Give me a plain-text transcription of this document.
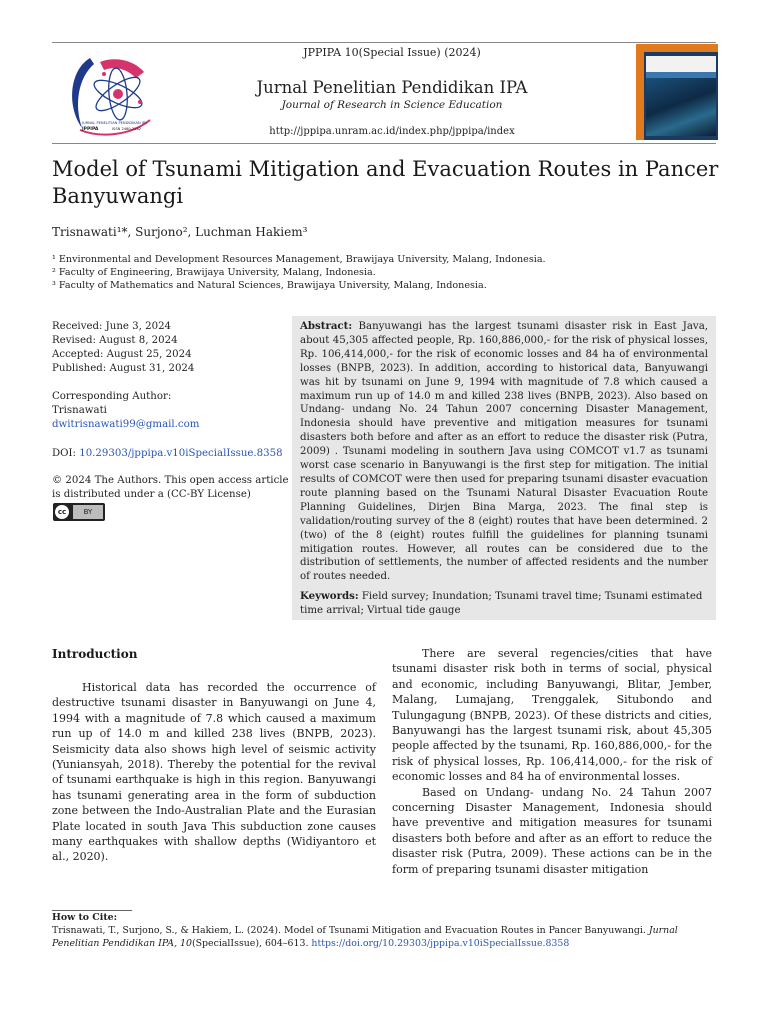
JURNAL PENELITIAN PENDIDIKAN IPA
JPPIPA	ISSN 2460-2582
JPPIPA 10(Special Issue) (2024)
Jurnal Penelitian Pendidikan IPA
Journal of Research in Science Education
http://jppipa.unram.ac.id/index.php/jppipa/index
Model of Tsunami Mitigation and Evacuation Routes in Pancer Banyuwangi
Trisnawati¹*, Surjono², Luchman Hakiem³
¹ Environmental and Development Resources Management, Brawijaya University, Malang, Indonesia.
² Faculty of Engineering, Brawijaya University, Malang, Indonesia.
³ Faculty of Mathematics and Natural Sciences, Brawijaya University, Malang, Indonesia.
Received: June 3, 2024
Revised: August 8, 2024
Accepted: August 25, 2024
Published: August 31, 2024
Corresponding Author:
Trisnawati
dwitrisnawati99@gmail.com
DOI: 10.29303/jppipa.v10iSpecialIssue.8358
© 2024 The Authors. This open access article
is distributed under a (CC-BY License)
cc	BY
Abstract: Banyuwangi has the largest tsunami disaster risk in East Java, about 45,305 affected people, Rp. 160,886,000,- for the risk of physical losses, Rp. 106,414,000,- for the risk of economic losses and 84 ha of environmental losses (BNPB, 2023). In addition, according to historical data, Banyuwangi was hit by tsunami on June 9, 1994 with magnitude of 7.8 which caused a maximum run up of 14.0 m and killed 238 lives (BNPB, 2023). Also based on Undang- undang No. 24 Tahun 2007 concerning Disaster Management, Indonesia should have preventive and mitigation measures for tsunami disasters both before and after as an effort to reduce the disaster risk (Putra, 2009) . Tsunami modeling in southern Java using COMCOT v1.7 as tsunami worst case scenario in Banyuwangi is the first step for mitigation. The initial results of COMCOT were then used for preparing tsunami disaster evacuation route planning based on the Tsunami Natural Disaster Evacuation Route Planning Guidelines, Dirjen Bina Marga, 2023. The final step is validation/routing survey of the 8 (eight) routes that have been determined. 2 (two) of the 8 (eight) routes fulfill the guidelines for planning tsunami mitigation routes. However, all routes can be considered due to the distribution of settlements, the number of affected residents and the number of routes needed.
Keywords: Field survey; Inundation; Tsunami travel time; Tsunami estimated time arrival; Virtual tide gauge
Introduction

Historical data has recorded the occurrence of destructive tsunami disaster in Banyuwangi on June 4, 1994 with a magnitude of 7.8 which caused a maximum run up of 14.0 m and killed 238 lives (BNPB, 2023). Seismicity data also shows high level of seismic activity (Yuniansyah, 2018). Thereby the potential for the revival of tsunami earthquake is high in this region. Banyuwangi has tsunami generating area in the form of subduction zone between the Indo-Australian Plate and the Eurasian Plate located in south Java This subduction zone causes many earthquakes with shallow depths (Widiyantoro et al., 2020).

There are several regencies/cities that have tsunami disaster risk both in terms of social, physical and economic, including Banyuwangi, Blitar, Jember, Malang, Lumajang, Trenggalek, Situbondo and Tulungagung (BNPB, 2023). Of these districts and cities, Banyuwangi has the largest tsunami risk, about 45,305 people affected by the tsunami, Rp. 160,886,000,- for the risk of physical losses, Rp. 106,414,000,- for the risk of economic losses and 84 ha of environmental losses.

Based on Undang- undang No. 24 Tahun 2007 concerning Disaster Management, Indonesia should have preventive and mitigation measures for tsunami disasters both before and after as an effort to reduce the disaster risk (Putra, 2009). These actions can be in the form of preparing tsunami disaster mitigation

How to Cite:
Trisnawati, T., Surjono, S., & Hakiem, L. (2024). Model of Tsunami Mitigation and Evacuation Routes in Pancer Banyuwangi. Jurnal Penelitian Pendidikan IPA, 10(SpecialIssue), 604–613. https://doi.org/10.29303/jppipa.v10iSpecialIssue.8358
